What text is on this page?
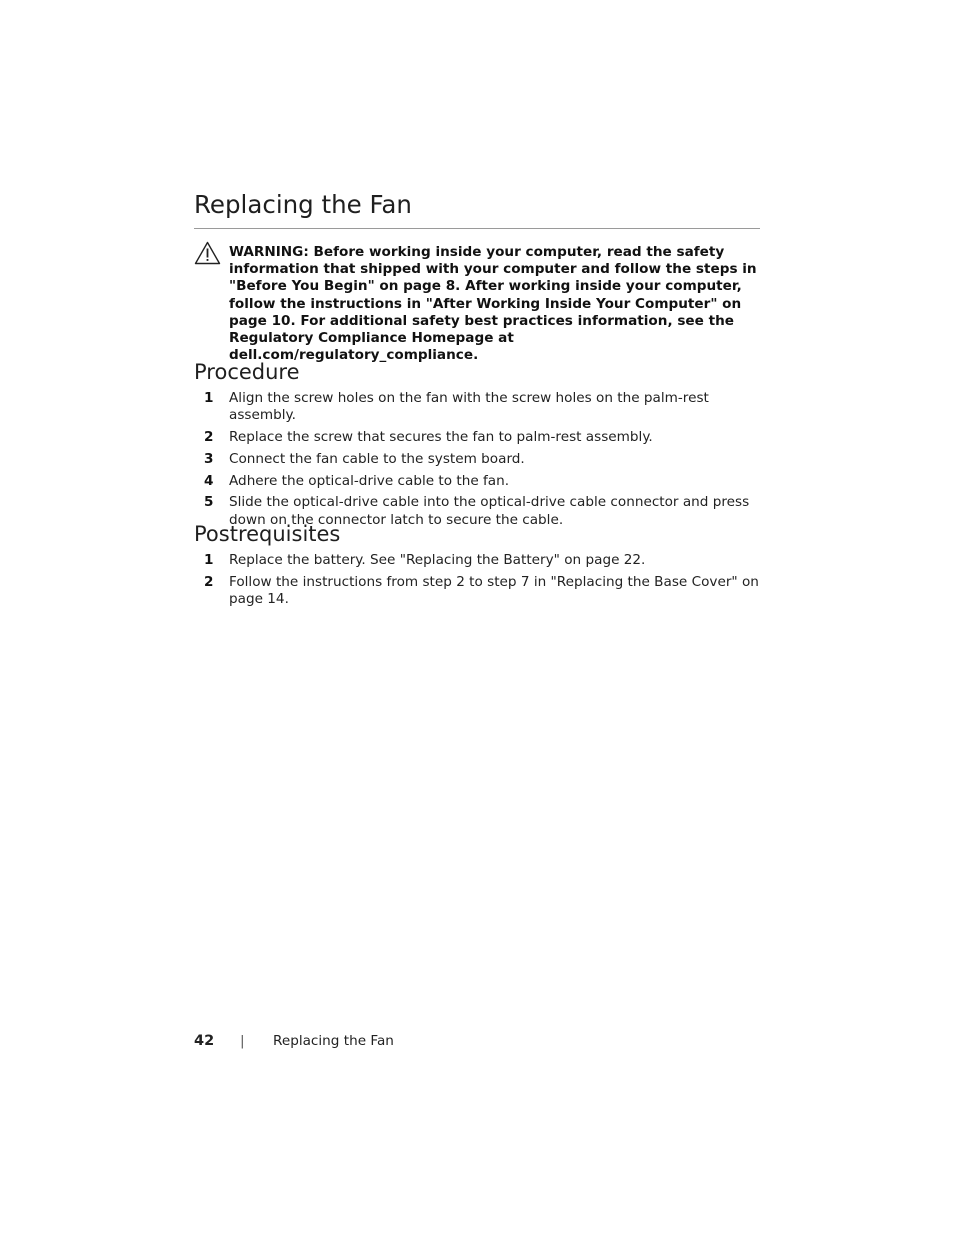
Replacing the Fan
WARNING: Before working inside your computer, read the safety information that shipped with your computer and follow the steps in "Before You Begin" on page 8. After working inside your computer, follow the instructions in "After Working Inside Your Computer" on page 10. For additional safety best practices information, see the Regulatory Compliance Homepage at dell.com/regulatory_compliance.
Procedure
1 Align the screw holes on the fan with the screw holes on the palm-rest assembly.
2 Replace the screw that secures the fan to palm-rest assembly.
3 Connect the fan cable to the system board.
4 Adhere the optical-drive cable to the fan.
5 Slide the optical-drive cable into the optical-drive cable connector and press down on the connector latch to secure the cable.
Postrequisites
1 Replace the battery. See "Replacing the Battery" on page 22.
2 Follow the instructions from step 2 to step 7 in "Replacing the Base Cover" on page 14.
42 | Replacing the Fan
